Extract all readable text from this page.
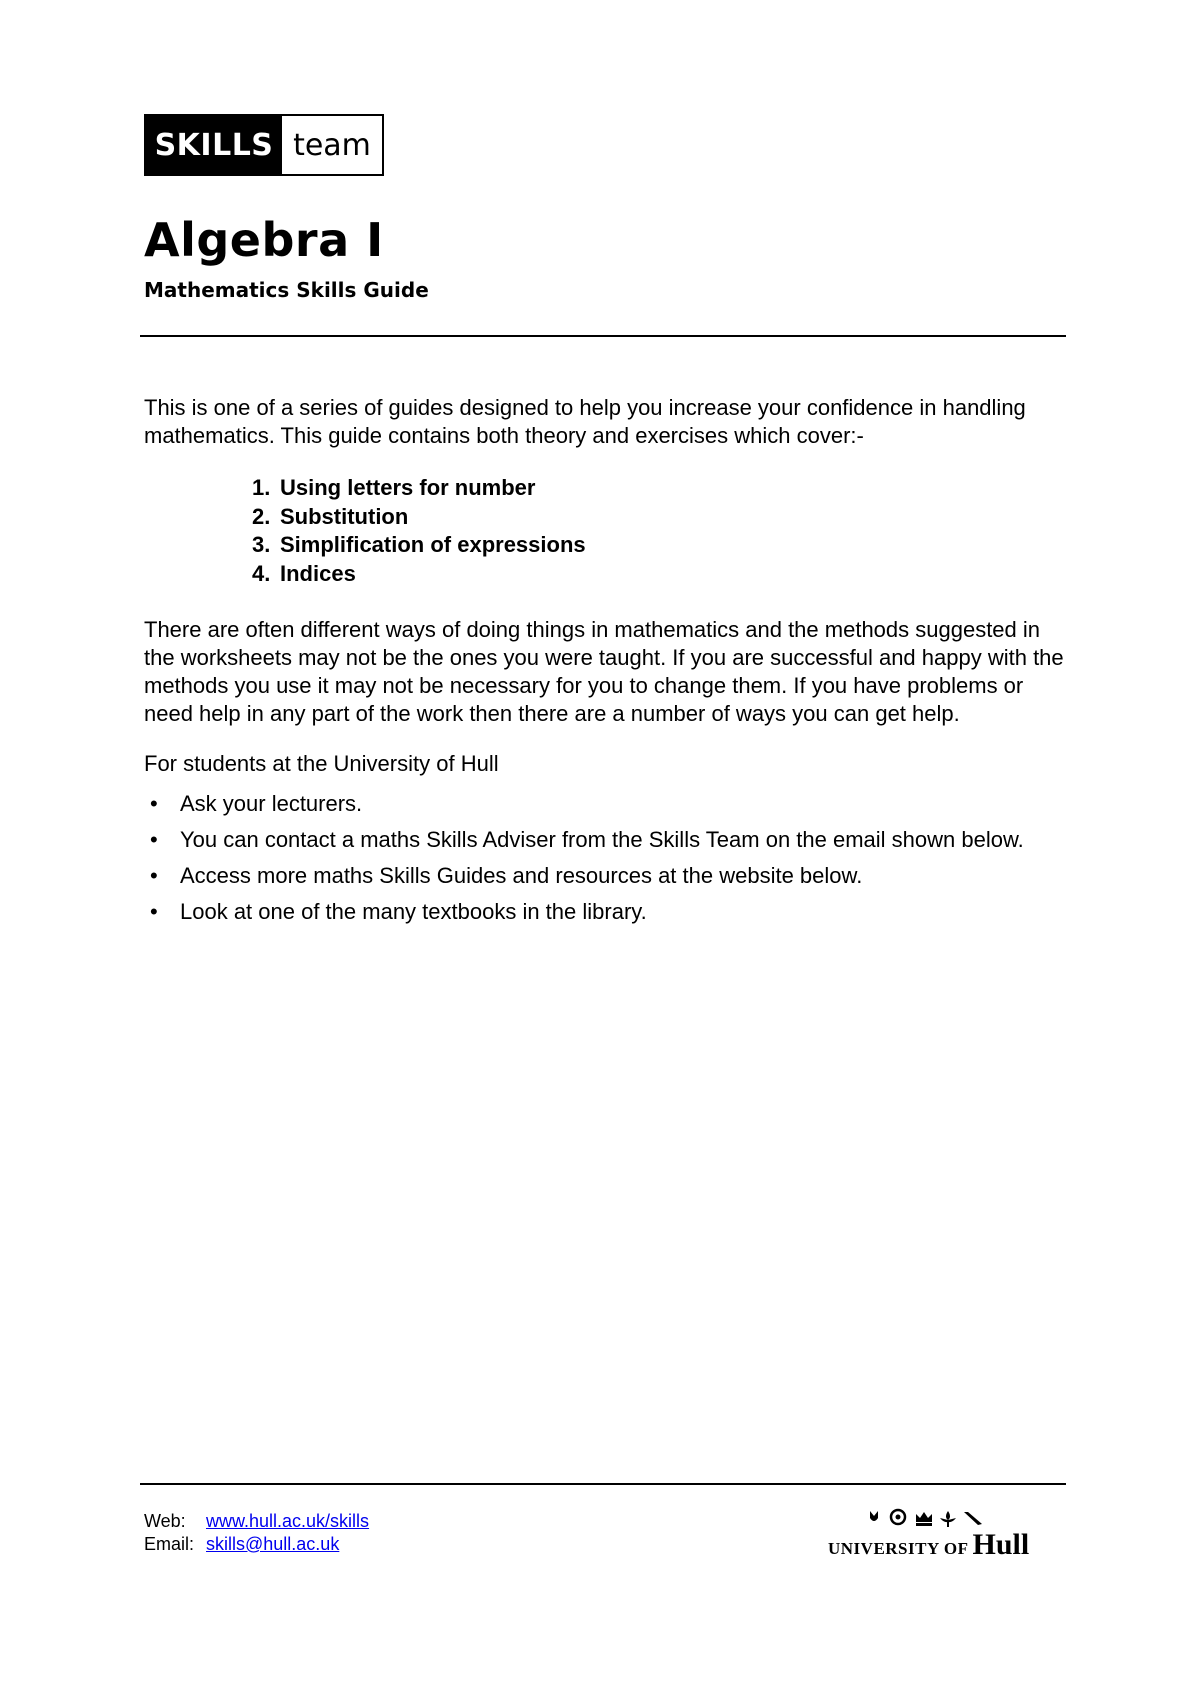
SKILLS team
Algebra I

Mathematics Skills Guide

This is one of a series of guides designed to help you increase your confidence in handling mathematics. This guide contains both theory and exercises which cover:-

1. Using letters for number
2. Substitution
3. Simplification of expressions
4. Indices

There are often different ways of doing things in mathematics and the methods suggested in the worksheets may not be the ones you were taught. If you are successful and happy with the methods you use it may not be necessary for you to change them. If you have problems or need help in any part of the work then there are a number of ways you can get help.

For students at the University of Hull

• Ask your lecturers.
• You can contact a maths Skills Adviser from the Skills Team on the email shown below.
• Access more maths Skills Guides and resources at the website below.
• Look at one of the many textbooks in the library.
Web:	www.hull.ac.uk/skills
Email: skills@hull.ac.uk	UNIVERSITY OF Hull
